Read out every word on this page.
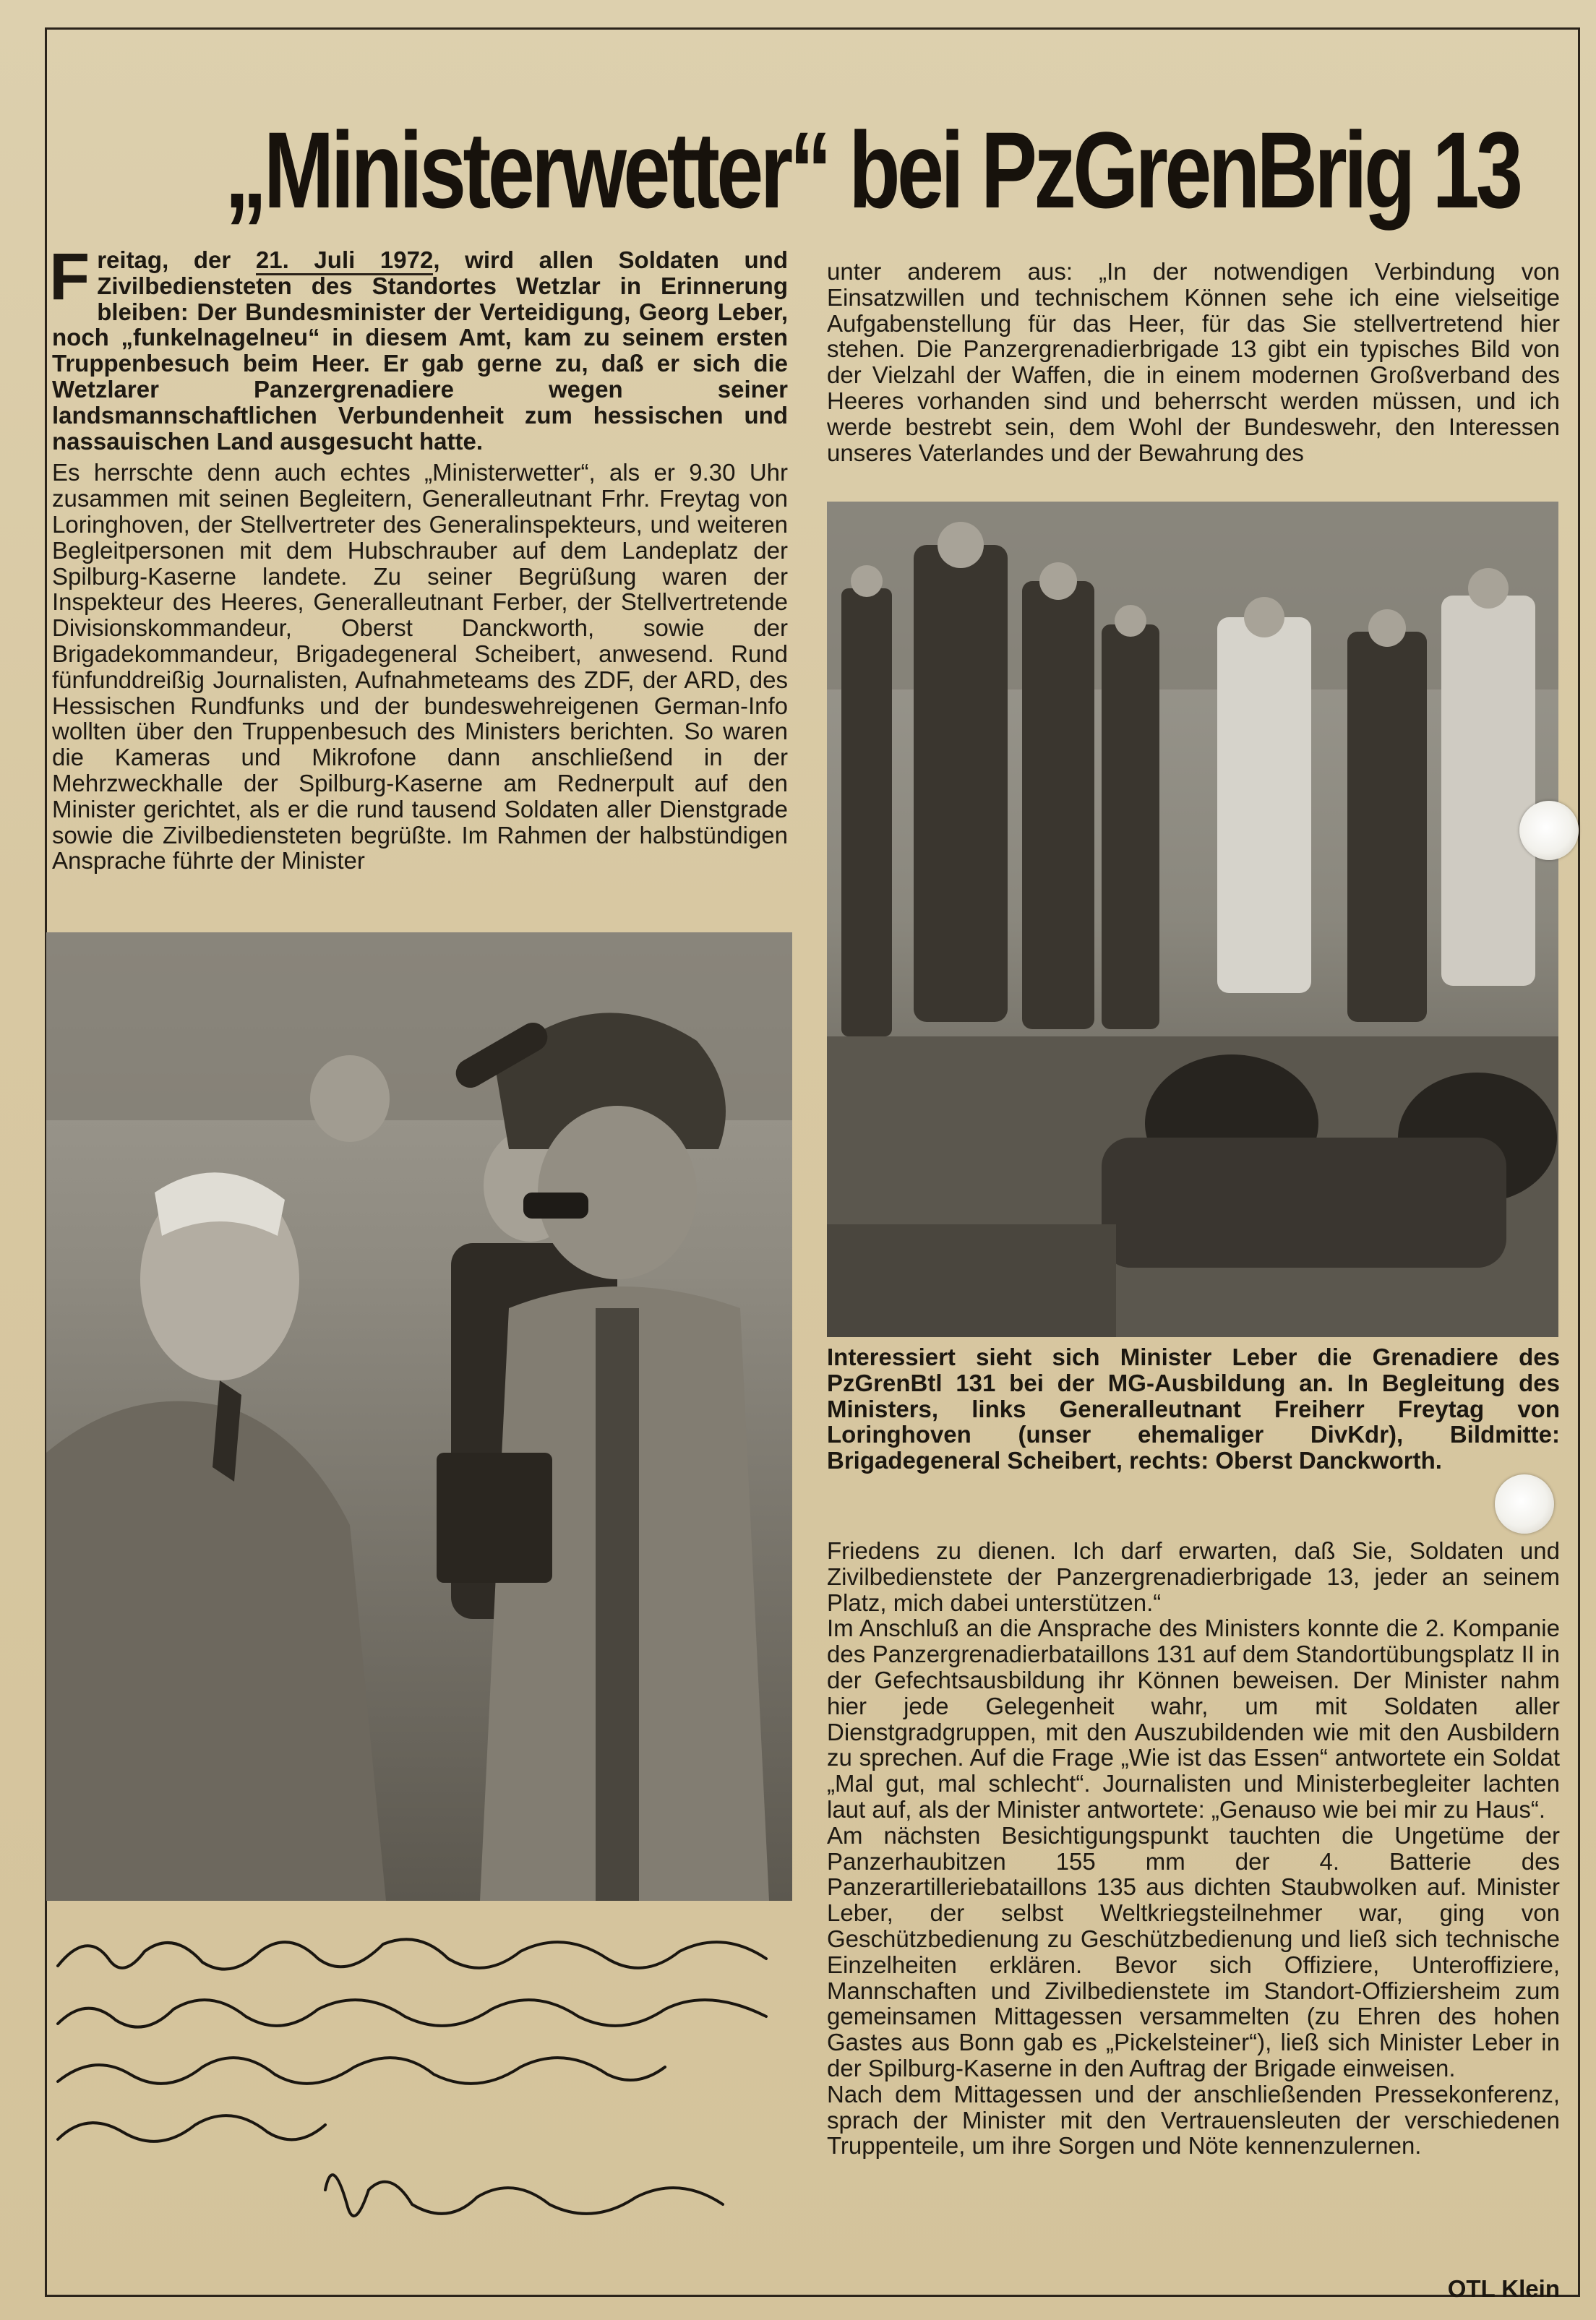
„Ministerwetter“ bei PzGrenBrig 13

Freitag, der 21. Juli 1972, wird allen Soldaten und Zivilbediensteten des Standortes Wetzlar in Erinnerung bleiben: Der Bundesminister der Verteidigung, Georg Leber, noch „funkelnagelneu“ in diesem Amt, kam zu seinem ersten Truppenbesuch beim Heer. Er gab gerne zu, daß er sich die Wetzlarer Panzergrenadiere wegen seiner landsmannschaftlichen Verbundenheit zum hessischen und nassauischen Land ausgesucht hatte.

Es herrschte denn auch echtes „Ministerwetter“, als er 9.30 Uhr zusammen mit seinen Begleitern, Generalleutnant Frhr. Freytag von Loringhoven, der Stellvertreter des Generalinspekteurs, und weiteren Begleitpersonen mit dem Hubschrauber auf dem Landeplatz der Spilburg-Kaserne landete. Zu seiner Begrüßung waren der Inspekteur des Heeres, Generalleutnant Ferber, der Stellvertretende Divisionskommandeur, Oberst Danckworth, sowie der Brigadekommandeur, Brigadegeneral Scheibert, anwesend. Rund fünfunddreißig Journalisten, Aufnahmeteams des ZDF, der ARD, des Hessischen Rundfunks und der bundeswehreigenen German-Info wollten über den Truppenbesuch des Ministers berichten. So waren die Kameras und Mikrofone dann anschließend in der Mehrzweckhalle der Spilburg-Kaserne am Rednerpult auf den Minister gerichtet, als er die rund tausend Soldaten aller Dienstgrade sowie die Zivilbediensteten begrüßte. Im Rahmen der halbstündigen Ansprache führte der Minister

unter anderem aus: „In der notwendigen Verbindung von Einsatzwillen und technischem Können sehe ich eine vielseitige Aufgabenstellung für das Heer, für das Sie stellvertretend hier stehen. Die Panzergrenadierbrigade 13 gibt ein typisches Bild von der Vielzahl der Waffen, die in einem modernen Großverband des Heeres vorhanden sind und beherrscht werden müssen, und ich werde bestrebt sein, dem Wohl der Bundeswehr, den Interessen unseres Vaterlandes und der Bewahrung des

Interessiert sieht sich Minister Leber die Grenadiere des PzGrenBtl 131 bei der MG-Ausbildung an. In Begleitung des Ministers, links Generalleutnant Freiherr Freytag von Loringhoven (unser ehemaliger DivKdr), Bildmitte: Brigadegeneral Scheibert, rechts: Oberst Danckworth.

Friedens zu dienen. Ich darf erwarten, daß Sie, Soldaten und Zivilbedienstete der Panzergrenadierbrigade 13, jeder an seinem Platz, mich dabei unterstützen.“

Im Anschluß an die Ansprache des Ministers konnte die 2. Kompanie des Panzergrenadierbataillons 131 auf dem Standortübungsplatz II in der Gefechtsausbildung ihr Können beweisen. Der Minister nahm hier jede Gelegenheit wahr, um mit Soldaten aller Dienstgradgruppen, mit den Auszubildenden wie mit den Ausbildern zu sprechen. Auf die Frage „Wie ist das Essen“ antwortete ein Soldat „Mal gut, mal schlecht“. Journalisten und Ministerbegleiter lachten laut auf, als der Minister antwortete: „Genauso wie bei mir zu Haus“.

Am nächsten Besichtigungspunkt tauchten die Ungetüme der Panzerhaubitzen 155 mm der 4. Batterie des Panzerartilleriebataillons 135 aus dichten Staubwolken auf. Minister Leber, der selbst Weltkriegsteilnehmer war, ging von Geschützbedienung zu Geschützbedienung und ließ sich technische Einzelheiten erklären. Bevor sich Offiziere, Unteroffiziere, Mannschaften und Zivilbedienstete im Standort-Offiziersheim zum gemeinsamen Mittagessen versammelten (zu Ehren des hohen Gastes aus Bonn gab es „Pickelsteiner“), ließ sich Minister Leber in der Spilburg-Kaserne in den Auftrag der Brigade einweisen.

Nach dem Mittagessen und der anschließenden Pressekonferenz, sprach der Minister mit den Vertrauensleuten der verschiedenen Truppenteile, um ihre Sorgen und Nöte kennenzulernen.

OTL Klein
